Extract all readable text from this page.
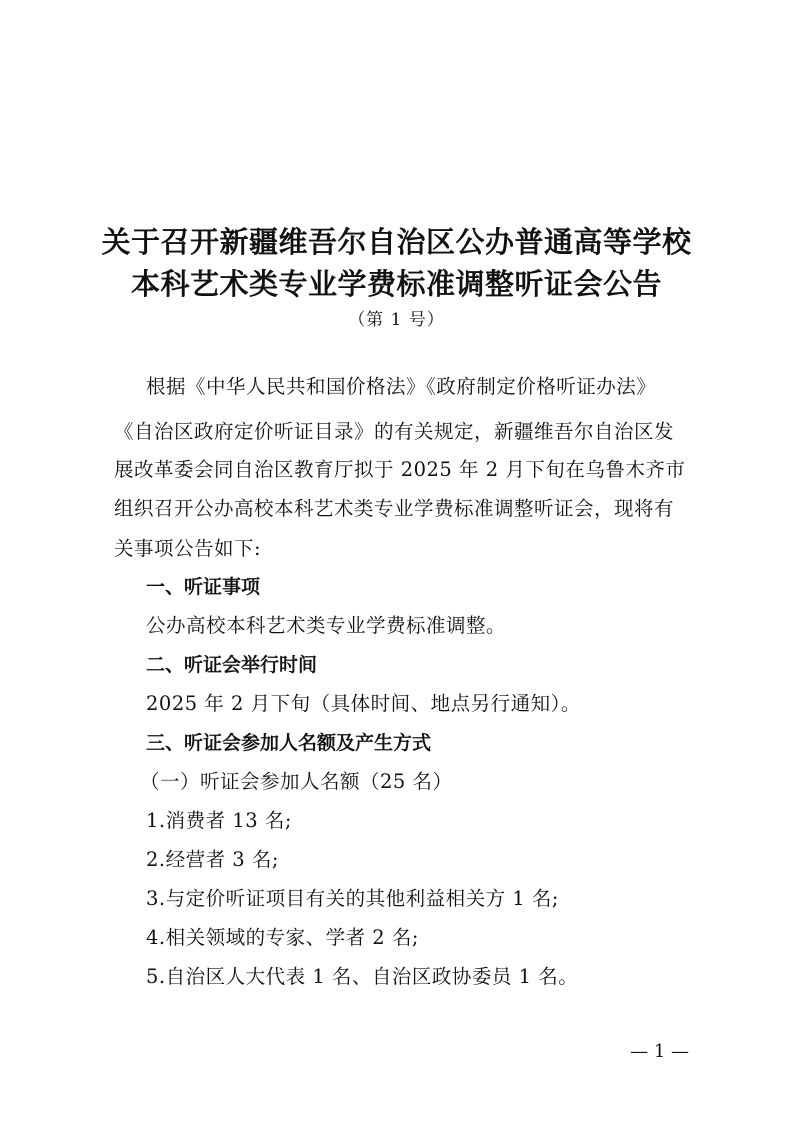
关于召开新疆维吾尔自治区公办普通高等学校
本科艺术类专业学费标准调整听证会公告
（第 1 号）
根据《中华人民共和国价格法》《政府制定价格听证办法》
《自治区政府定价听证目录》的有关规定，新疆维吾尔自治区发
展改革委会同自治区教育厅拟于 2025 年 2 月下旬在乌鲁木齐市
组织召开公办高校本科艺术类专业学费标准调整听证会，现将有
关事项公告如下:
一、听证事项
公办高校本科艺术类专业学费标准调整。
二、听证会举行时间
2025 年 2 月下旬（具体时间、地点另行通知）。
三、听证会参加人名额及产生方式
（一）听证会参加人名额（25 名）
1.消费者 13 名;
2.经营者 3 名;
3.与定价听证项目有关的其他利益相关方 1 名;
4.相关领域的专家、学者 2 名;
5.自治区人大代表 1 名、自治区政协委员 1 名。
— 1 —
